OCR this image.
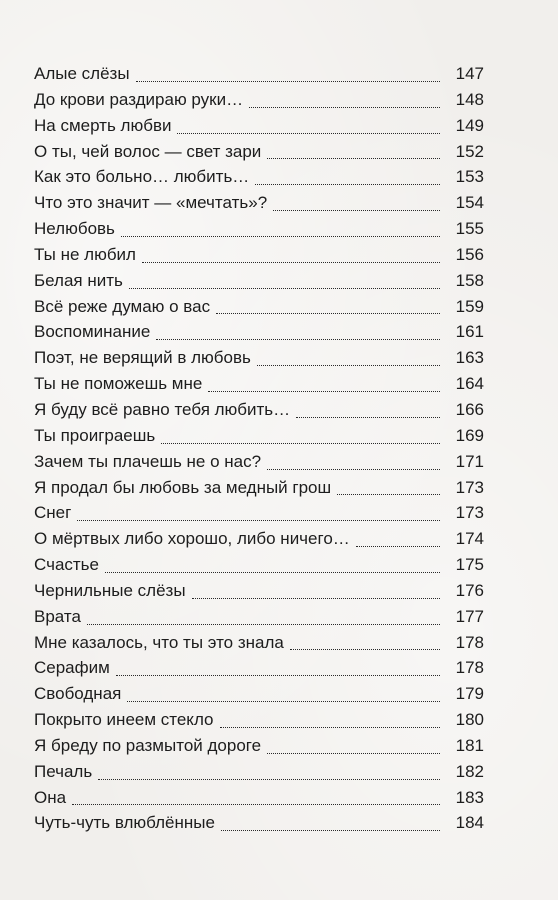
Алые слёзы	147
До крови раздираю руки…	148
На смерть любви	149
О ты, чей волос — свет зари	152
Как это больно… любить…	153
Что это значит — «мечтать»?	154
Нелюбовь	155
Ты не любил	156
Белая нить	158
Всё реже думаю о вас	159
Воспоминание	161
Поэт, не верящий в любовь	163
Ты не поможешь мне	164
Я буду всё равно тебя любить…	166
Ты проиграешь	169
Зачем ты плачешь не о нас?	171
Я продал бы любовь за медный грош	173
Снег	173
О мёртвых либо хорошо, либо ничего…	174
Счастье	175
Чернильные слёзы	176
Врата	177
Мне казалось, что ты это знала	178
Серафим	178
Свободная	179
Покрыто инеем стекло	180
Я бреду по размытой дороге	181
Печаль	182
Она	183
Чуть-чуть влюблённые	184
